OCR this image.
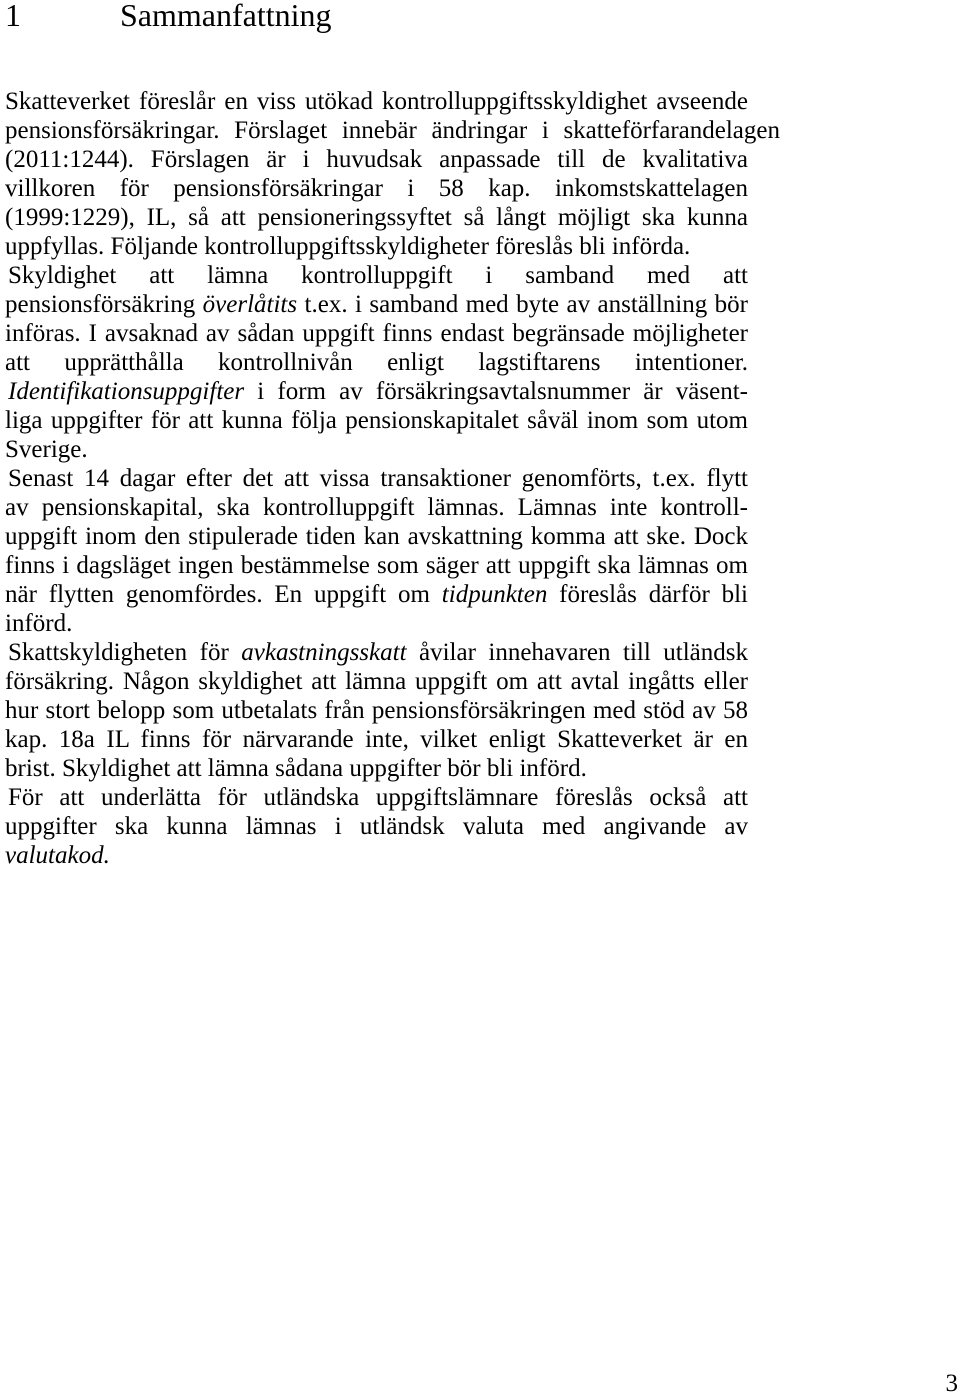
1	Sammanfattning
Skatteverket föreslår en viss utökad kontrolluppgiftsskyldighet avseende
pensionsförsäkringar. Förslaget innebär ändringar i skatteförfarandelagen
(2011:1244). Förslagen är i huvudsak anpassade till de kvalitativa
villkoren för pensionsförsäkringar i 58 kap. inkomstskattelagen
(1999:1229), IL, så att pensioneringssyftet så långt möjligt ska kunna
uppfyllas. Följande kontrolluppgiftsskyldigheter föreslås bli införda.
Skyldighet att lämna kontrolluppgift i samband med att
pensionsförsäkring överlåtits t.ex. i samband med byte av anställning bör
införas. I avsaknad av sådan uppgift finns endast begränsade möjligheter
att upprätthålla kontrollnivån enligt lagstiftarens intentioner.
Identifikationsuppgifter i form av försäkringsavtalsnummer är väsent-
liga uppgifter för att kunna följa pensionskapitalet såväl inom som utom
Sverige.
Senast 14 dagar efter det att vissa transaktioner genomförts, t.ex. flytt
av pensionskapital, ska kontrolluppgift lämnas. Lämnas inte kontroll-
uppgift inom den stipulerade tiden kan avskattning komma att ske. Dock
finns i dagsläget ingen bestämmelse som säger att uppgift ska lämnas om
när flytten genomfördes. En uppgift om tidpunkten föreslås därför bli
införd.
Skattskyldigheten för avkastningsskatt åvilar innehavaren till utländsk
försäkring. Någon skyldighet att lämna uppgift om att avtal ingåtts eller
hur stort belopp som utbetalats från pensionsförsäkringen med stöd av 58
kap. 18a IL finns för närvarande inte, vilket enligt Skatteverket är en
brist. Skyldighet att lämna sådana uppgifter bör bli införd.
För att underlätta för utländska uppgiftslämnare föreslås också att
uppgifter ska kunna lämnas i utländsk valuta med angivande av
valutakod.
3
